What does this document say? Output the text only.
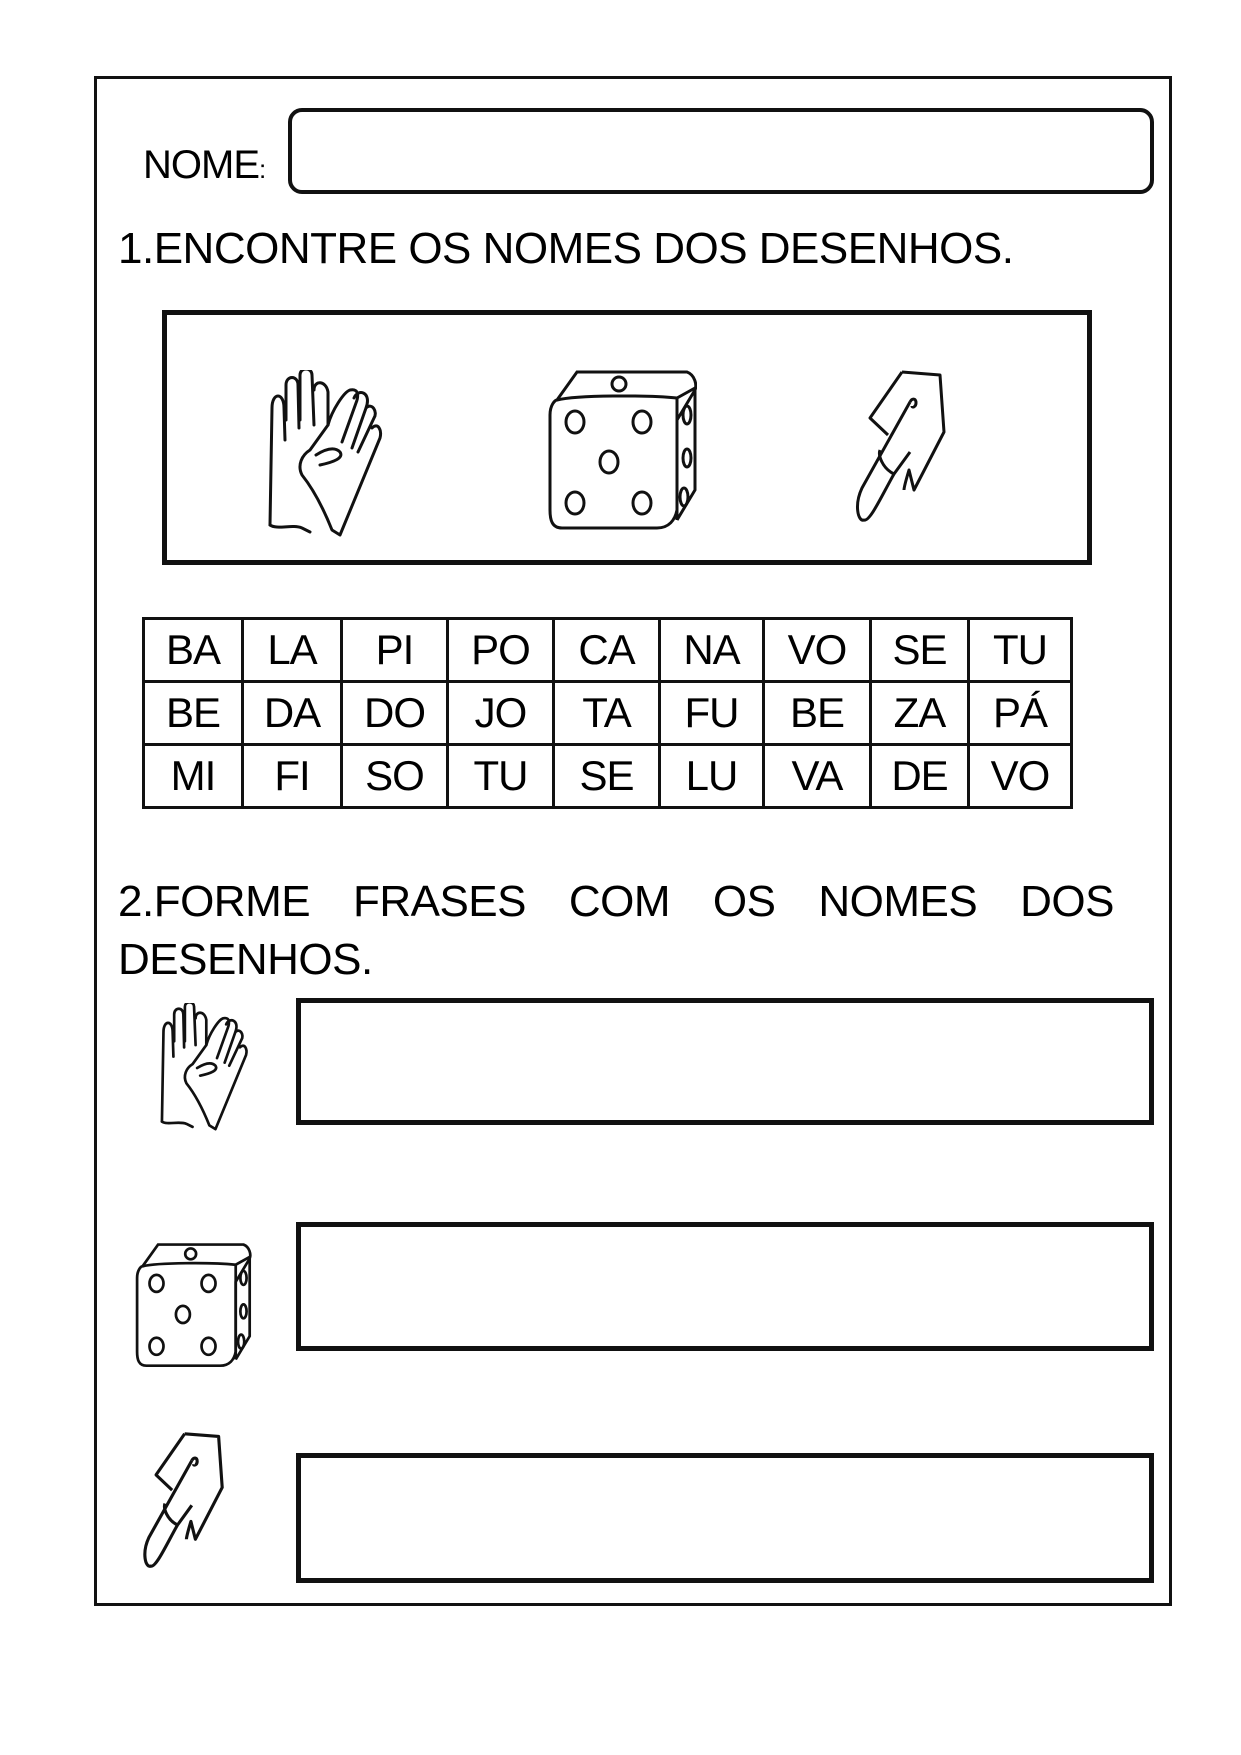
NOME:
1.ENCONTRE OS NOMES DOS DESENHOS.
BA	LA	PI	PO	CA	NA	VO	SE	TU
BE	DA	DO	JO	TA	FU	BE	ZA	PÁ
MI	FI	SO	TU	SE	LU	VA	DE	VO
2.FORME FRASES COM OS NOMES DOS
DESENHOS.
